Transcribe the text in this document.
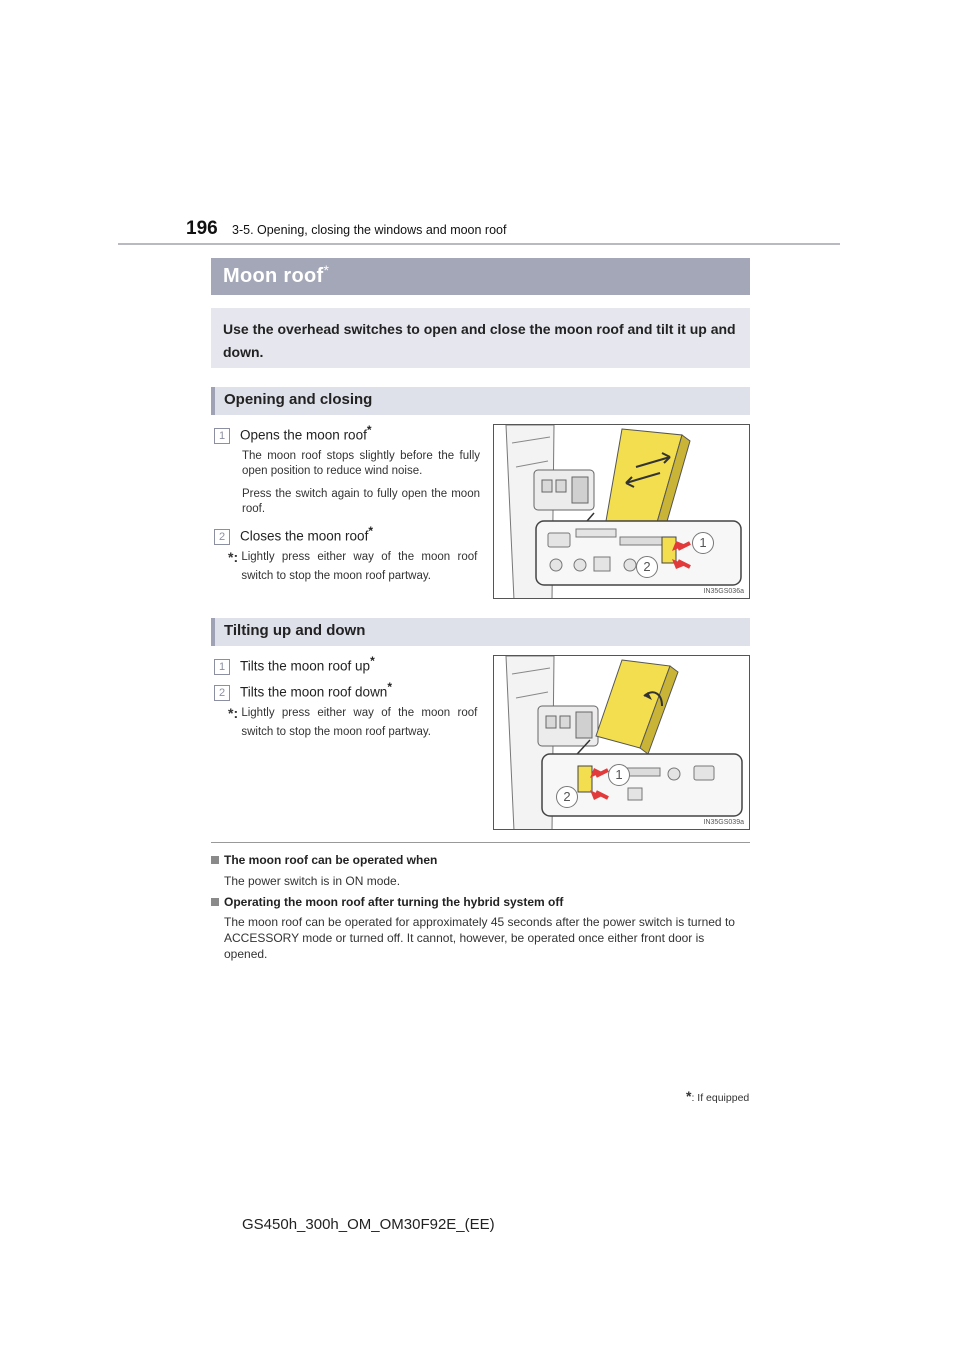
196 3-5. Opening, closing the windows and moon roof
Moon roof*
Use the overhead switches to open and close the moon roof and tilt it up and down.
Opening and closing
1 Opens the moon roof*
The moon roof stops slightly before the fully open position to reduce wind noise.
Press the switch again to fully open the moon roof.
2 Closes the moon roof*
*: Lightly press either way of the moon roof switch to stop the moon roof partway.
1
2
IN35GS036a
Tilting up and down
1 Tilts the moon roof up*
2 Tilts the moon roof down*
*: Lightly press either way of the moon roof switch to stop the moon roof partway.
1
2
IN35GS039a
The moon roof can be operated when
The power switch is in ON mode.
Operating the moon roof after turning the hybrid system off
The moon roof can be operated for approximately 45 seconds after the power switch is turned to ACCESSORY mode or turned off. It cannot, however, be operated once either front door is opened.
*: If equipped
GS450h_300h_OM_OM30F92E_(EE)
